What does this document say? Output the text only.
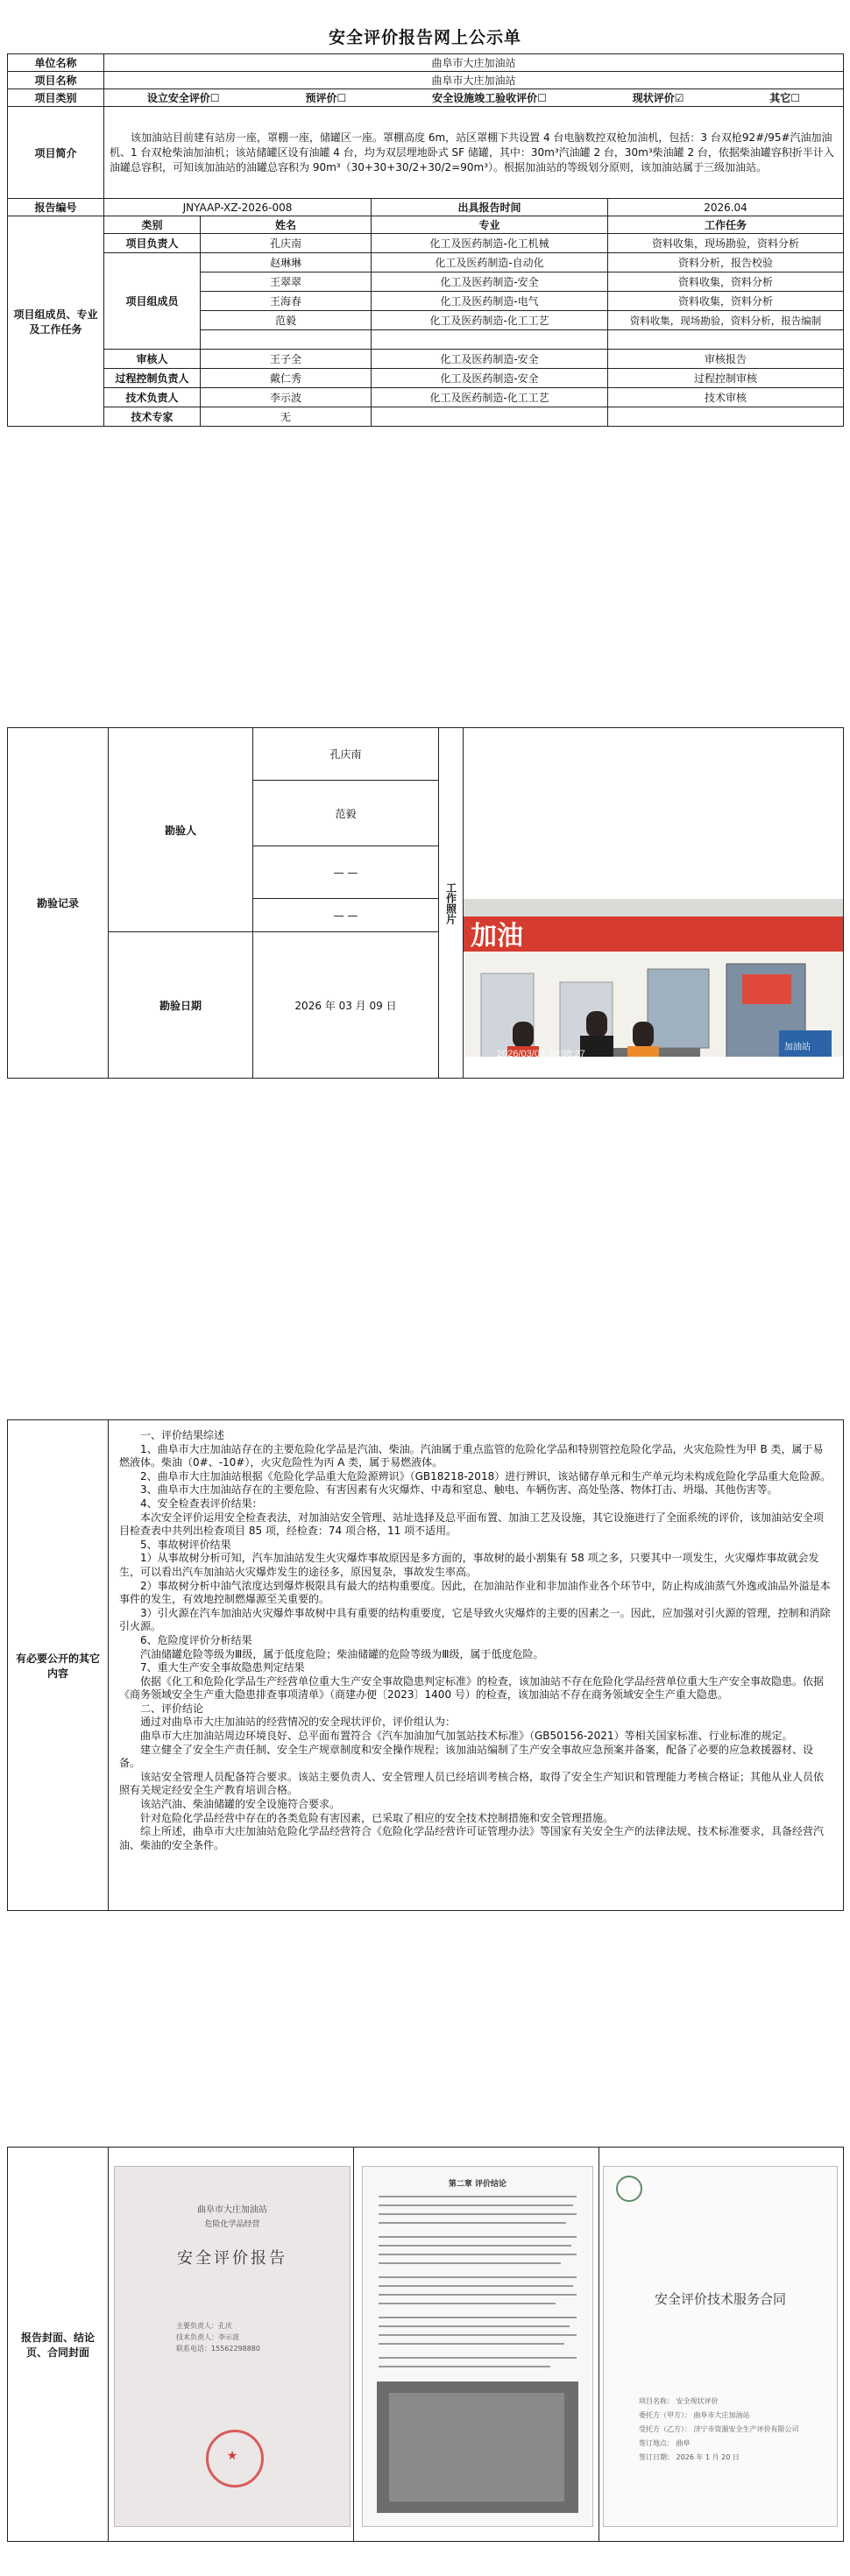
安全评价报告网上公示单
单位名称	曲阜市大庄加油站			
项目名称	曲阜市大庄加油站			
项目类别	设立安全评价☐ 预评价☐ 安全设施竣工验收评价☐ 现状评价☑ 其它☐			

项目简介	该加油站目前建有站房一座，罩棚一座，储罐区一座。罩棚高度 6m，站区罩棚下共设置 4 台电脑数控双枪加油机，包括：3 台双枪92#/95#汽油加油机、1 台双枪柴油加油机；该站储罐区设有油罐 4 台，均为双层埋地卧式 SF 储罐，其中：30m³汽油罐 2 台，30m³柴油罐 2 台，依据柴油罐容积折半计入油罐总容积，可知该加油站的油罐总容积为 90m³（30+30+30/2+30/2=90m³）。根据加油站的等级划分原则，该加油站属于三级加油站。			
报告编号	JNYAAP-XZ-2026-008		出具报告时间	2026.04
项目组成员、专业及工作任务	类别	姓名	专业	工作任务
	项目负责人	孔庆南	化工及医药制造-化工机械	资料收集，现场勘验，资料分析
	项目组成员	赵琳琳	化工及医药制造-自动化	资料分析，报告校验
		王翠翠	化工及医药制造-安全	资料收集，资料分析
		王海春	化工及医药制造-电气	资料收集，资料分析
		范毅	化工及医药制造-化工工艺	资料收集，现场勘验，资料分析，报告编制

	审核人	王子全	化工及医药制造-安全	审核报告
	过程控制负责人	戴仁秀	化工及医药制造-安全	过程控制审核
	技术负责人	李示波	化工及医药制造-化工工艺	技术审核
	技术专家	无		
勘验记录	勘验人	孔庆南	工作照片	加油
加油站
2026/03/09 10:38:27
中国山东省济宁市曲阜市鲁城街道大北路

		范毅		
		— —		
		— —		
	勘验日期	2026 年 03 月 09 日		
有必要公开的其它内容	

一、评价结果综述

1、曲阜市大庄加油站存在的主要危险化学品是汽油、柴油。汽油属于重点监管的危险化学品和特别管控危险化学品，火灾危险性为甲 B 类，属于易燃液体。柴油（0#、-10#），火灾危险性为丙 A 类，属于易燃液体。

2、曲阜市大庄加油站根据《危险化学品重大危险源辨识》（GB18218-2018）进行辨识，该站储存单元和生产单元均未构成危险化学品重大危险源。

3、曲阜市大庄加油站存在的主要危险、有害因素有火灾爆炸、中毒和窒息、触电、车辆伤害、高处坠落、物体打击、坍塌、其他伤害等。

4、安全检查表评价结果：

本次安全评价运用安全检查表法，对加油站安全管理、站址选择及总平面布置、加油工艺及设施，其它设施进行了全面系统的评价，该加油站安全项目检查表中共列出检查项目 85 项，经检查：74 项合格，11 项不适用。

5、事故树评价结果

1）从事故树分析可知，汽车加油站发生火灾爆炸事故原因是多方面的，事故树的最小割集有 58 项之多，只要其中一项发生，火灾爆炸事故就会发生，可以看出汽车加油站火灾爆炸发生的途径多，原因复杂，事故发生率高。

2）事故树分析中油气浓度达到爆炸极限具有最大的结构重要度。因此，在加油站作业和非加油作业各个环节中，防止构成油蒸气外逸或油品外溢是本事件的发生，有效地控制燃爆源至关重要的。

3）引火源在汽车加油站火灾爆炸事故树中具有重要的结构重要度，它是导致火灾爆炸的主要的因素之一。因此，应加强对引火源的管理，控制和消除引火源。

6、危险度评价分析结果

汽油储罐危险等级为Ⅲ级，属于低度危险；柴油储罐的危险等级为Ⅲ级，属于低度危险。

7、重大生产安全事故隐患判定结果

依据《化工和危险化学品生产经营单位重大生产安全事故隐患判定标准》的检查，该加油站不存在危险化学品经营单位重大生产安全事故隐患。依据《商务领域安全生产重大隐患排查事项清单》（商建办便〔2023〕1400 号）的检查，该加油站不存在商务领域安全生产重大隐患。

二、评价结论

通过对曲阜市大庄加油站的经营情况的安全现状评价，评价组认为：

曲阜市大庄加油站周边环境良好、总平面布置符合《汽车加油加气加氢站技术标准》（GB50156-2021）等相关国家标准、行业标准的规定。

建立健全了安全生产责任制、安全生产规章制度和安全操作规程；该加油站编制了生产安全事故应急预案并备案，配备了必要的应急救援器材、设备。

该站安全管理人员配备符合要求。该站主要负责人、安全管理人员已经培训考核合格，取得了安全生产知识和管理能力考核合格证；其他从业人员依照有关规定经安全生产教育培训合格。

该站汽油、柴油储罐的安全设施符合要求。

针对危险化学品经营中存在的各类危险有害因素，已采取了相应的安全技术控制措施和安全管理措施。

综上所述，曲阜市大庄加油站危险化学品经营符合《危险化学品经营许可证管理办法》等国家有关安全生产的法律法规、技术标准要求，具备经营汽油、柴油的安全条件。

报告封面、结论页、合同封面			
曲阜市大庄加油站
危险化学品经营
安全评价报告
主要负责人：孔庆
技术负责人：李示波
联系电话：15562298880
★
第二章 评价结论
安全评价技术服务合同
项目名称： 安全现状评价
委托方（甲方）： 曲阜市大庄加油站
受托方（乙方）： 济宁市资源安全生产评价有限公司
签订地点： 曲阜
签订日期： 2026 年 1 月 20 日
